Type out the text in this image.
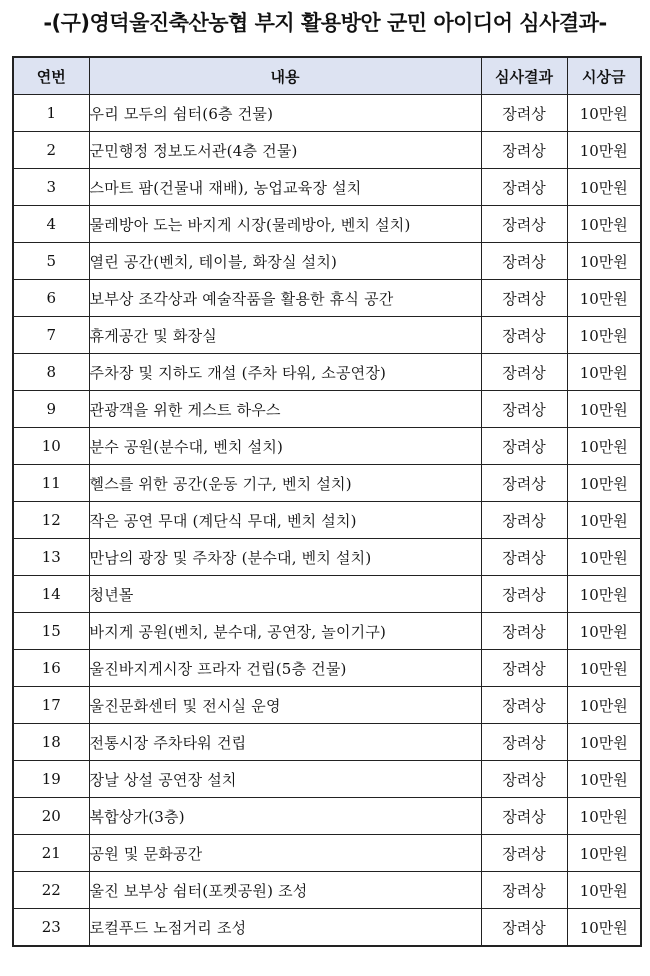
-(구)영덕울진축산농협 부지 활용방안 군민 아이디어 심사결과-
연번	내용	심사결과	시상금
1	우리 모두의 쉼터(6층 건물)	장려상	10만원
2	군민행정 정보도서관(4층 건물)	장려상	10만원
3	스마트 팜(건물내 재배), 농업교육장 설치	장려상	10만원
4	물레방아 도는 바지게 시장(물레방아, 벤치 설치)	장려상	10만원
5	열린 공간(벤치, 테이블, 화장실 설치)	장려상	10만원
6	보부상 조각상과 예술작품을 활용한 휴식 공간	장려상	10만원
7	휴게공간 및 화장실	장려상	10만원
8	주차장 및 지하도 개설 (주차 타워, 소공연장)	장려상	10만원
9	관광객을 위한 게스트 하우스	장려상	10만원
10	분수 공원(분수대, 벤치 설치)	장려상	10만원
11	헬스를 위한 공간(운동 기구, 벤치 설치)	장려상	10만원
12	작은 공연 무대 (계단식 무대, 벤치 설치)	장려상	10만원
13	만남의 광장 및 주차장 (분수대, 벤치 설치)	장려상	10만원
14	청년몰	장려상	10만원
15	바지게 공원(벤치, 분수대, 공연장, 놀이기구)	장려상	10만원
16	울진바지게시장 프라자 건립(5층 건물)	장려상	10만원
17	울진문화센터 및 전시실 운영	장려상	10만원
18	전통시장 주차타워 건립	장려상	10만원
19	장날 상설 공연장 설치	장려상	10만원
20	복합상가(3층)	장려상	10만원
21	공원 및 문화공간	장려상	10만원
22	울진 보부상 쉼터(포켓공원) 조성	장려상	10만원
23	로컬푸드 노점거리 조성	장려상	10만원
